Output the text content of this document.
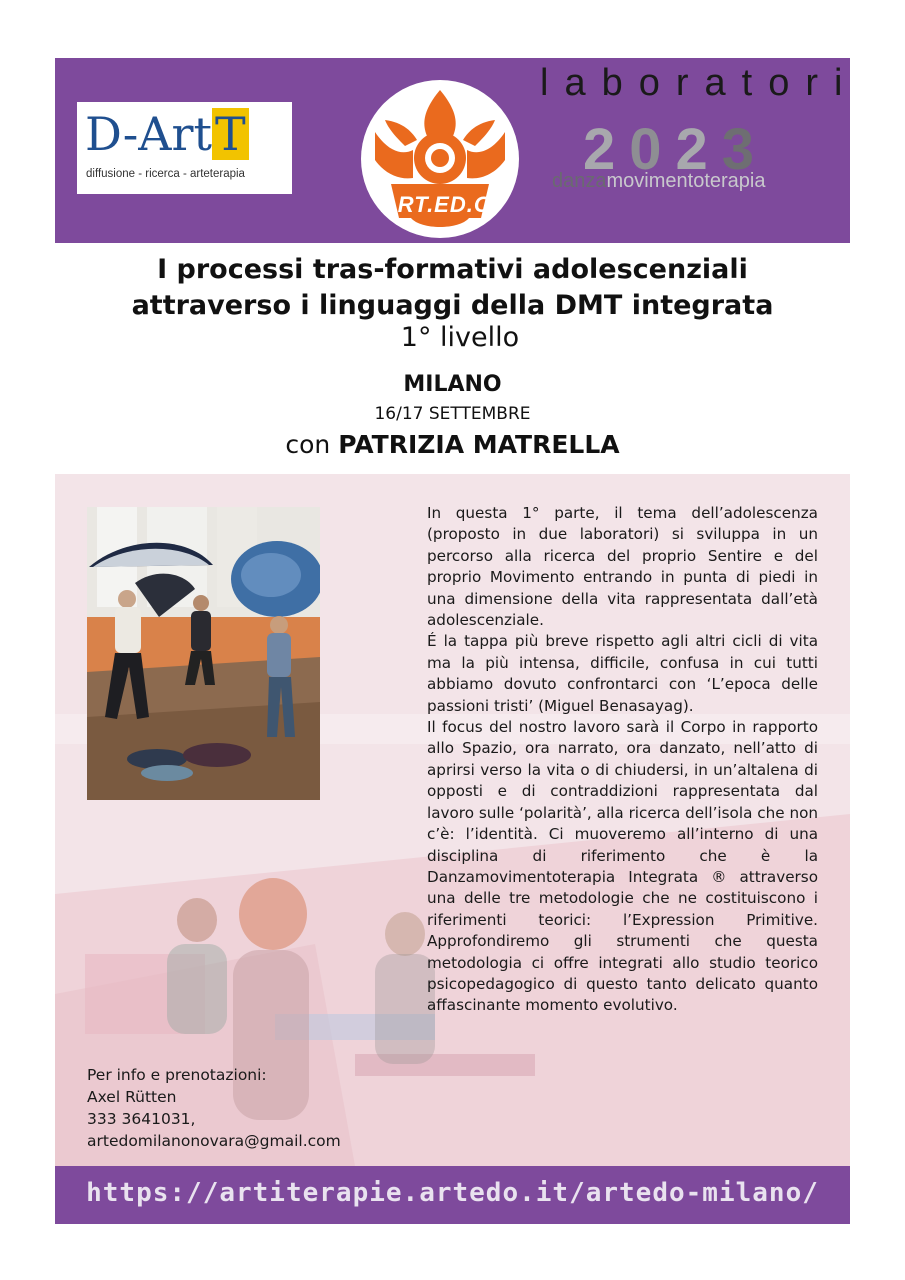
D-ArtT
diffusione - ricerca - arteterapia
ART.ED.O.
laboratori
2023
danzamovimentoterapia
I processi tras-formativi adolescenziali
attraverso i linguaggi della DMT integrata
1° livello
MILANO
16/17 SETTEMBRE
con PATRIZIA MATRELLA

In questa 1° parte, il tema dell’adolescenza (proposto in due laboratori) si sviluppa in un percorso alla ricerca del proprio Sentire e del proprio Movimento entrando in punta di piedi in una dimensione della vita rappresentata dall’età adolescenziale.

É la tappa più breve rispetto agli altri cicli di vita ma la più intensa, difficile, confusa in cui tutti abbiamo dovuto confrontarci con ‘L’epoca delle passioni tristi’ (Miguel Benasayag).

Il focus del nostro lavoro sarà il Corpo in rapporto allo Spazio, ora narrato, ora danzato, nell’atto di aprirsi verso la vita o di chiudersi, in un’altalena di opposti e di contraddizioni rappresentata dal lavoro sulle ‘polarità’, alla ricerca dell’isola che non c’è: l’identità. Ci muoveremo all’interno di una disciplina di riferimento che è la Danzamovimentoterapia Integrata ® attraverso una delle tre metodologie che ne costituiscono i riferimenti teorici: l’Expression Primitive. Approfondiremo gli strumenti che questa metodologia ci offre integrati allo studio teorico psicopedagogico di questo tanto delicato quanto affascinante momento evolutivo.

Per info e prenotazioni:
Axel Rütten
333 3641031,
artedomilanonovara@gmail.com
https://artiterapie.artedo.it/artedo-milano/
